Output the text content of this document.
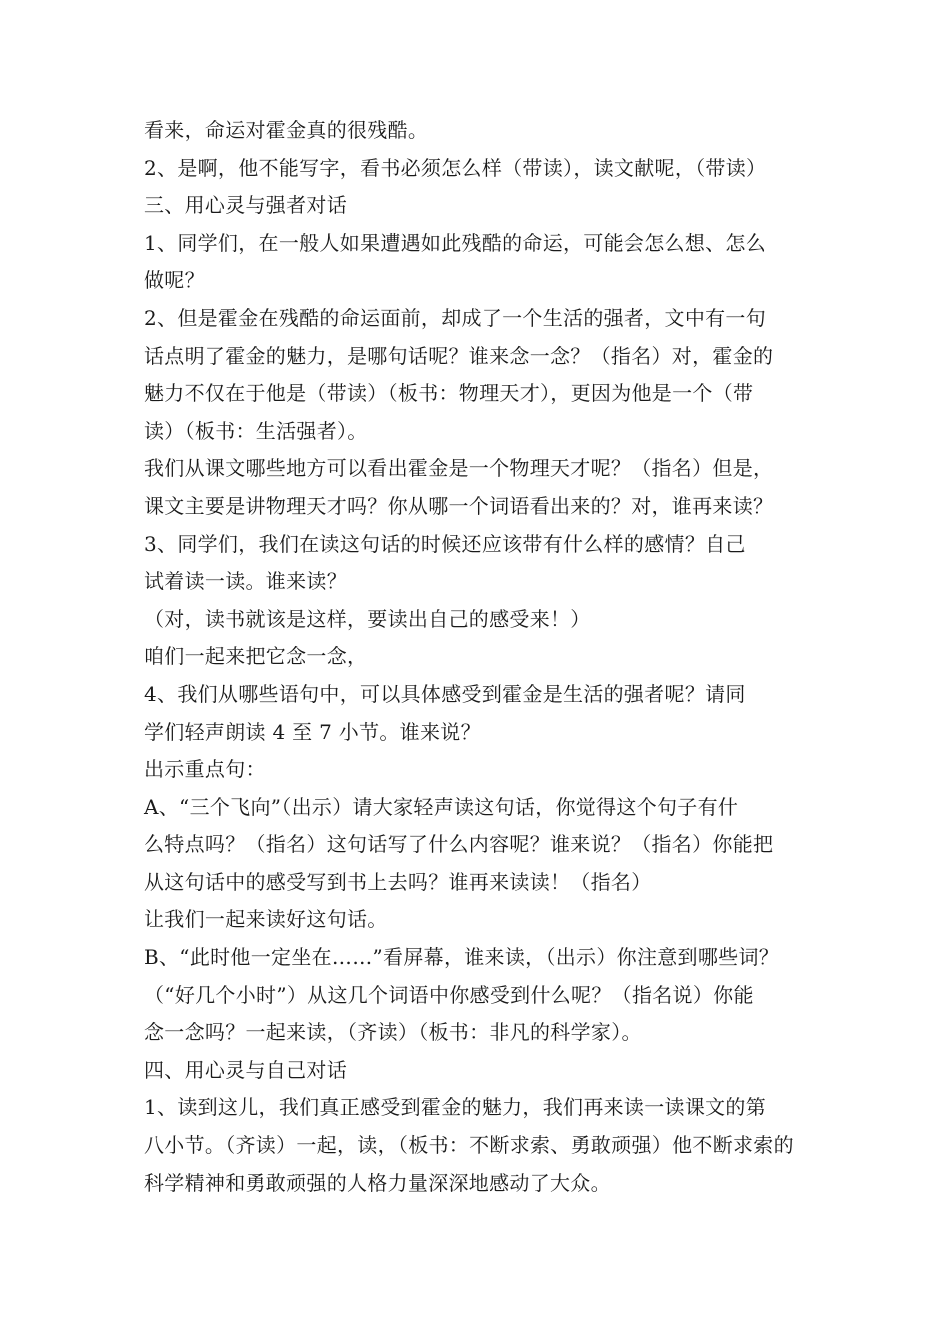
看来，命运对霍金真的很残酷。
2、是啊，他不能写字，看书必须怎么样（带读），读文献呢，（带读）
三、用心灵与强者对话
1、同学们，在一般人如果遭遇如此残酷的命运，可能会怎么想、怎么
做呢？
2、但是霍金在残酷的命运面前，却成了一个生活的强者，文中有一句
话点明了霍金的魅力，是哪句话呢？谁来念一念？（指名）对，霍金的
魅力不仅在于他是（带读）（板书：物理天才），更因为他是一个（带
读）（板书：生活强者）。
我们从课文哪些地方可以看出霍金是一个物理天才呢？（指名）但是，
课文主要是讲物理天才吗？你从哪一个词语看出来的？对，谁再来读？
3、同学们，我们在读这句话的时候还应该带有什么样的感情？自己
试着读一读。谁来读？
（对，读书就该是这样，要读出自己的感受来！）
咱们一起来把它念一念，
4、我们从哪些语句中，可以具体感受到霍金是生活的强者呢？请同
学们轻声朗读 4 至 7 小节。谁来说？
出示重点句：
A、“三个飞向”（出示）请大家轻声读这句话，你觉得这个句子有什
么特点吗？（指名）这句话写了什么内容呢？谁来说？（指名）你能把
从这句话中的感受写到书上去吗？谁再来读读！（指名）
让我们一起来读好这句话。
B、“此时他一定坐在……”看屏幕，谁来读，（出示）你注意到哪些词？
（“好几个小时”）从这几个词语中你感受到什么呢？（指名说）你能
念一念吗？一起来读，（齐读）（板书：非凡的科学家）。
四、用心灵与自己对话
1、读到这儿，我们真正感受到霍金的魅力，我们再来读一读课文的第
八小节。（齐读）一起，读，（板书：不断求索、勇敢顽强）他不断求索的
科学精神和勇敢顽强的人格力量深深地感动了大众。
